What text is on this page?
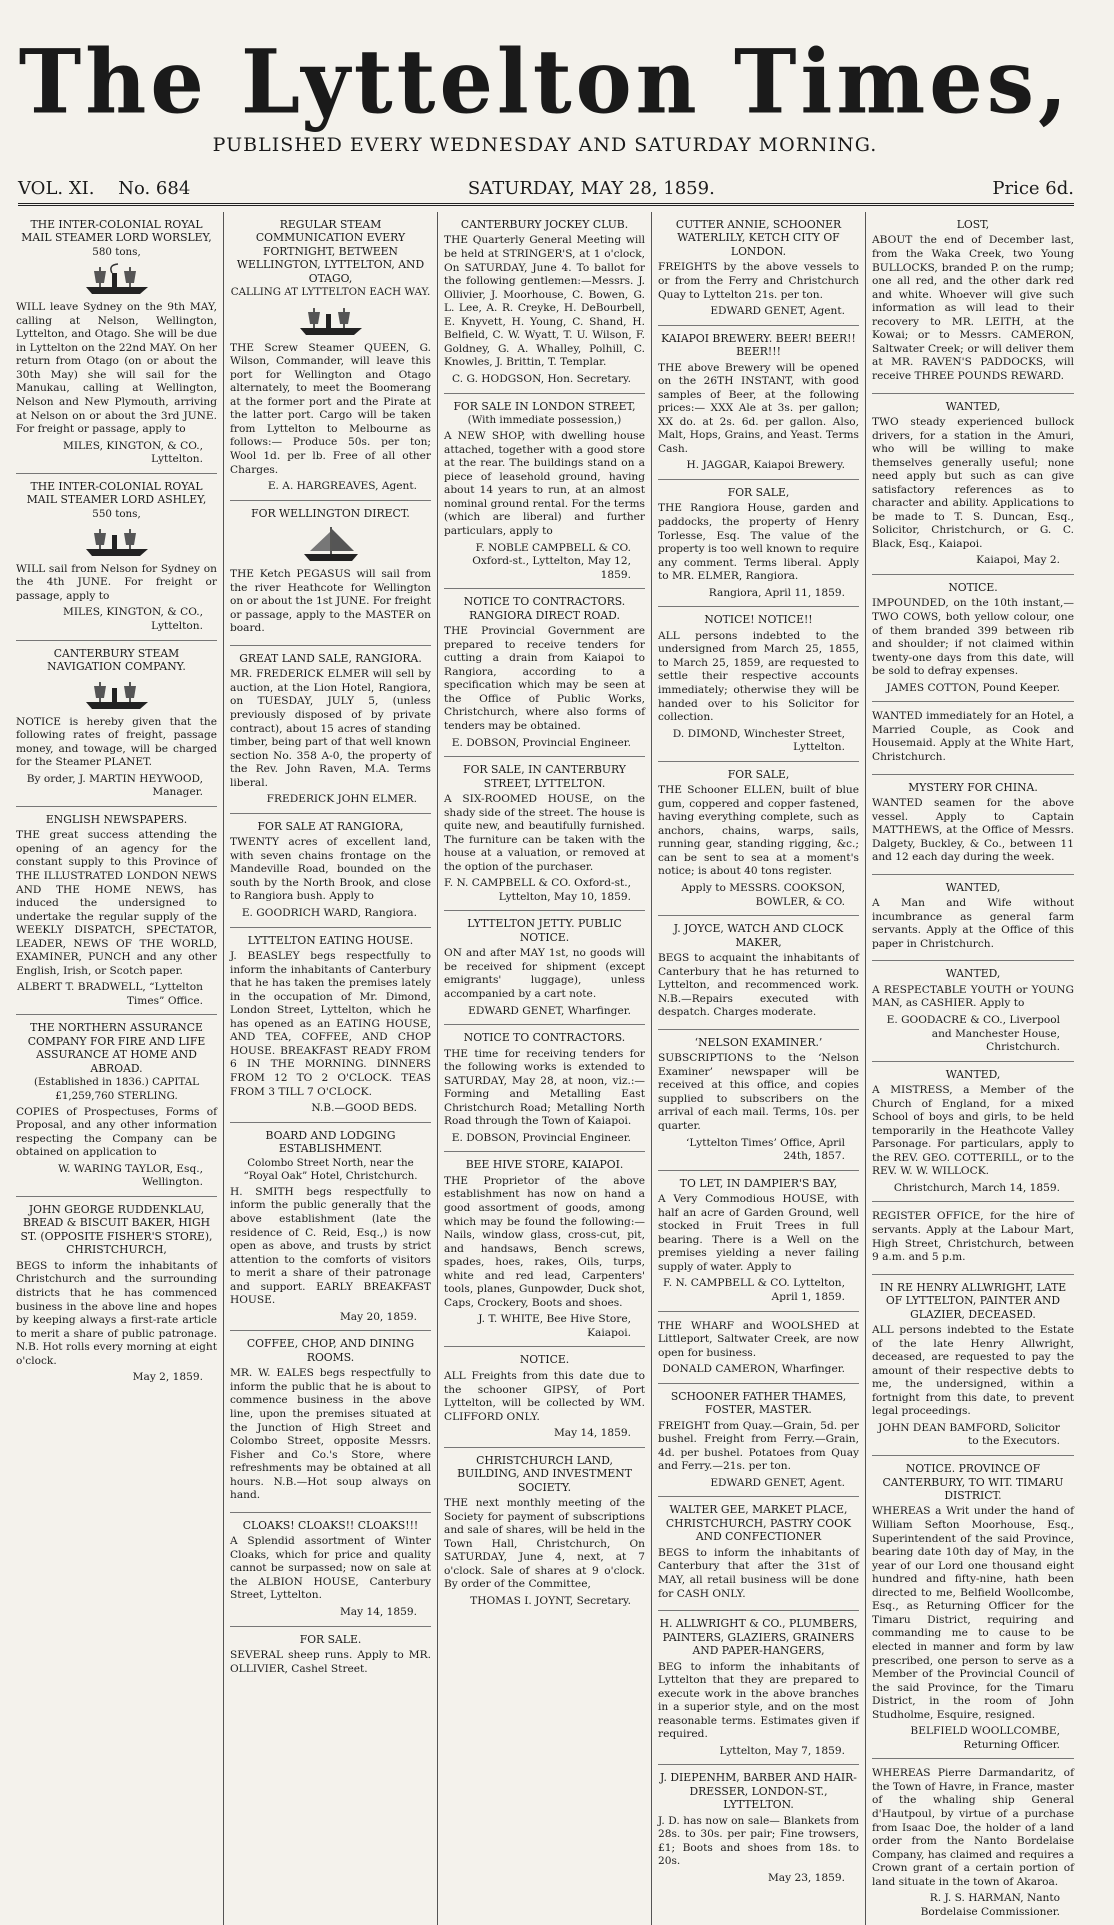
The Lyttelton Times,
PUBLISHED EVERY WEDNESDAY AND SATURDAY MORNING.
VOL. XI. No. 684	SATURDAY, MAY 28, 1859.	Price 6d.
THE INTER-COLONIAL ROYAL MAIL STEAMER LORD WORSLEY,
580 tons,
WILL leave Sydney on the 9th MAY, calling at Nelson, Wellington, Lyttelton, and Otago. She will be due in Lyttelton on the 22nd MAY. On her return from Otago (on or about the 30th May) she will sail for the Manukau, calling at Wellington, Nelson and New Plymouth, arriving at Nelson on or about the 3rd JUNE. For freight or passage, apply to
MILES, KINGTON, & CO., Lyttelton.
THE INTER-COLONIAL ROYAL MAIL STEAMER LORD ASHLEY,
550 tons,
WILL sail from Nelson for Sydney on the 4th JUNE. For freight or passage, apply to
MILES, KINGTON, & CO., Lyttelton.
CANTERBURY STEAM NAVIGATION COMPANY.
NOTICE is hereby given that the following rates of freight, passage money, and towage, will be charged for the Steamer PLANET.
By order, J. MARTIN HEYWOOD, Manager.
ENGLISH NEWSPAPERS.
THE great success attending the opening of an agency for the constant supply to this Province of THE ILLUSTRATED LONDON NEWS AND THE HOME NEWS, has induced the undersigned to undertake the regular supply of the WEEKLY DISPATCH, SPECTATOR, LEADER, NEWS OF THE WORLD, EXAMINER, PUNCH and any other English, Irish, or Scotch paper.
ALBERT T. BRADWELL, “Lyttelton Times” Office.
THE NORTHERN ASSURANCE COMPANY FOR FIRE AND LIFE ASSURANCE AT HOME AND ABROAD.
(Established in 1836.) CAPITAL £1,259,760 STERLING.
COPIES of Prospectuses, Forms of Proposal, and any other information respecting the Company can be obtained on application to
W. WARING TAYLOR, Esq., Wellington.
JOHN GEORGE RUDDENKLAU, BREAD & BISCUIT BAKER, HIGH ST. (OPPOSITE FISHER'S STORE), CHRISTCHURCH,
BEGS to inform the inhabitants of Christchurch and the surrounding districts that he has commenced business in the above line and hopes by keeping always a first-rate article to merit a share of public patronage. N.B. Hot rolls every morning at eight o'clock.
May 2, 1859.
REGULAR STEAM COMMUNICATION EVERY FORTNIGHT, BETWEEN WELLINGTON, LYTTELTON, AND OTAGO,
CALLING AT LYTTELTON EACH WAY.
THE Screw Steamer QUEEN, G. Wilson, Commander, will leave this port for Wellington and Otago alternately, to meet the Boomerang at the former port and the Pirate at the latter port. Cargo will be taken from Lyttelton to Melbourne as follows:— Produce 50s. per ton; Wool 1d. per lb. Free of all other Charges.
E. A. HARGREAVES, Agent.
FOR WELLINGTON DIRECT.
THE Ketch PEGASUS will sail from the river Heathcote for Wellington on or about the 1st JUNE. For freight or passage, apply to the MASTER on board.
GREAT LAND SALE, RANGIORA.
MR. FREDERICK ELMER will sell by auction, at the Lion Hotel, Rangiora, on TUESDAY, JULY 5, (unless previously disposed of by private contract), about 15 acres of standing timber, being part of that well known section No. 358 A-0, the property of the Rev. John Raven, M.A. Terms liberal.
FREDERICK JOHN ELMER.
FOR SALE AT RANGIORA,
TWENTY acres of excellent land, with seven chains frontage on the Mandeville Road, bounded on the south by the North Brook, and close to Rangiora bush. Apply to
E. GOODRICH WARD, Rangiora.
LYTTELTON EATING HOUSE.
J. BEASLEY begs respectfully to inform the inhabitants of Canterbury that he has taken the premises lately in the occupation of Mr. Dimond, London Street, Lyttelton, which he has opened as an EATING HOUSE, AND TEA, COFFEE, AND CHOP HOUSE. BREAKFAST READY FROM 6 IN THE MORNING. DINNERS FROM 12 TO 2 O'CLOCK. TEAS FROM 3 TILL 7 O'CLOCK.
N.B.—GOOD BEDS.
BOARD AND LODGING ESTABLISHMENT.
Colombo Street North, near the “Royal Oak” Hotel, Christchurch.
H. SMITH begs respectfully to inform the public generally that the above establishment (late the residence of C. Reid, Esq.,) is now open as above, and trusts by strict attention to the comforts of visitors to merit a share of their patronage and support. EARLY BREAKFAST HOUSE.
May 20, 1859.
COFFEE, CHOP, AND DINING ROOMS.
MR. W. EALES begs respectfully to inform the public that he is about to commence business in the above line, upon the premises situated at the Junction of High Street and Colombo Street, opposite Messrs. Fisher and Co.'s Store, where refreshments may be obtained at all hours. N.B.—Hot soup always on hand.
CLOAKS! CLOAKS!! CLOAKS!!!
A Splendid assortment of Winter Cloaks, which for price and quality cannot be surpassed; now on sale at the ALBION HOUSE, Canterbury Street, Lyttelton.
May 14, 1859.
FOR SALE.
SEVERAL sheep runs. Apply to MR. OLLIVIER, Cashel Street.
CANTERBURY JOCKEY CLUB.
THE Quarterly General Meeting will be held at STRINGER'S, at 1 o'clock, On SATURDAY, June 4. To ballot for the following gentlemen:—Messrs. J. Ollivier, J. Moorhouse, C. Bowen, G. L. Lee, A. R. Creyke, H. DeBourbell, E. Knyvett, H. Young, C. Shand, H. Belfield, C. W. Wyatt, T. U. Wilson, F. Goldney, G. A. Whalley, Polhill, C. Knowles, J. Brittin, T. Templar.
C. G. HODGSON, Hon. Secretary.
FOR SALE IN LONDON STREET,
(With immediate possession,)
A NEW SHOP, with dwelling house attached, together with a good store at the rear. The buildings stand on a piece of leasehold ground, having about 14 years to run, at an almost nominal ground rental. For the terms (which are liberal) and further particulars, apply to
F. NOBLE CAMPBELL & CO. Oxford-st., Lyttelton, May 12, 1859.
NOTICE TO CONTRACTORS. RANGIORA DIRECT ROAD.
THE Provincial Government are prepared to receive tenders for cutting a drain from Kaiapoi to Rangiora, according to a specification which may be seen at the Office of Public Works, Christchurch, where also forms of tenders may be obtained.
E. DOBSON, Provincial Engineer.
FOR SALE, IN CANTERBURY STREET, LYTTELTON.
A SIX-ROOMED HOUSE, on the shady side of the street. The house is quite new, and beautifully furnished. The furniture can be taken with the house at a valuation, or removed at the option of the purchaser.
F. N. CAMPBELL & CO. Oxford-st., Lyttelton, May 10, 1859.
LYTTELTON JETTY. PUBLIC NOTICE.
ON and after MAY 1st, no goods will be received for shipment (except emigrants' luggage), unless accompanied by a cart note.
EDWARD GENET, Wharfinger.
NOTICE TO CONTRACTORS.
THE time for receiving tenders for the following works is extended to SATURDAY, May 28, at noon, viz.:— Forming and Metalling East Christchurch Road; Metalling North Road through the Town of Kaiapoi.
E. DOBSON, Provincial Engineer.
BEE HIVE STORE, KAIAPOI.
THE Proprietor of the above establishment has now on hand a good assortment of goods, among which may be found the following:— Nails, window glass, cross-cut, pit, and handsaws, Bench screws, spades, hoes, rakes, Oils, turps, white and red lead, Carpenters' tools, planes, Gunpowder, Duck shot, Caps, Crockery, Boots and shoes.
J. T. WHITE, Bee Hive Store, Kaiapoi.
NOTICE.
ALL Freights from this date due to the schooner GIPSY, of Port Lyttelton, will be collected by WM. CLIFFORD ONLY.
May 14, 1859.
CHRISTCHURCH LAND, BUILDING, AND INVESTMENT SOCIETY.
THE next monthly meeting of the Society for payment of subscriptions and sale of shares, will be held in the Town Hall, Christchurch, On SATURDAY, June 4, next, at 7 o'clock. Sale of shares at 9 o'clock. By order of the Committee,
THOMAS I. JOYNT, Secretary.
CUTTER ANNIE, SCHOONER WATERLILY, KETCH CITY OF LONDON.
FREIGHTS by the above vessels to or from the Ferry and Christchurch Quay to Lyttelton 21s. per ton.
EDWARD GENET, Agent.
KAIAPOI BREWERY. BEER! BEER!! BEER!!!
THE above Brewery will be opened on the 26TH INSTANT, with good samples of Beer, at the following prices:— XXX Ale at 3s. per gallon; XX do. at 2s. 6d. per gallon. Also, Malt, Hops, Grains, and Yeast. Terms Cash.
H. JAGGAR, Kaiapoi Brewery.
FOR SALE,
THE Rangiora House, garden and paddocks, the property of Henry Torlesse, Esq. The value of the property is too well known to require any comment. Terms liberal. Apply to MR. ELMER, Rangiora.
Rangiora, April 11, 1859.
NOTICE! NOTICE!!
ALL persons indebted to the undersigned from March 25, 1855, to March 25, 1859, are requested to settle their respective accounts immediately; otherwise they will be handed over to his Solicitor for collection.
D. DIMOND, Winchester Street, Lyttelton.
FOR SALE,
THE Schooner ELLEN, built of blue gum, coppered and copper fastened, having everything complete, such as anchors, chains, warps, sails, running gear, standing rigging, &c.; can be sent to sea at a moment's notice; is about 40 tons register.
Apply to MESSRS. COOKSON, BOWLER, & CO.
J. JOYCE, WATCH AND CLOCK MAKER,
BEGS to acquaint the inhabitants of Canterbury that he has returned to Lyttelton, and recommenced work. N.B.—Repairs executed with despatch. Charges moderate.
‘NELSON EXAMINER.’
SUBSCRIPTIONS to the ‘Nelson Examiner’ newspaper will be received at this office, and copies supplied to subscribers on the arrival of each mail. Terms, 10s. per quarter.
‘Lyttelton Times’ Office, April 24th, 1857.
TO LET, IN DAMPIER'S BAY,
A Very Commodious HOUSE, with half an acre of Garden Ground, well stocked in Fruit Trees in full bearing. There is a Well on the premises yielding a never failing supply of water. Apply to
F. N. CAMPBELL & CO. Lyttelton, April 1, 1859.
THE WHARF and WOOLSHED at Littleport, Saltwater Creek, are now open for business.
DONALD CAMERON, Wharfinger.
SCHOONER FATHER THAMES, FOSTER, MASTER.
FREIGHT from Quay.—Grain, 5d. per bushel. Freight from Ferry.—Grain, 4d. per bushel. Potatoes from Quay and Ferry.—21s. per ton.
EDWARD GENET, Agent.
WALTER GEE, MARKET PLACE, CHRISTCHURCH, PASTRY COOK AND CONFECTIONER
BEGS to inform the inhabitants of Canterbury that after the 31st of MAY, all retail business will be done for CASH ONLY.
H. ALLWRIGHT & CO., PLUMBERS, PAINTERS, GLAZIERS, GRAINERS AND PAPER-HANGERS,
BEG to inform the inhabitants of Lyttelton that they are prepared to execute work in the above branches in a superior style, and on the most reasonable terms. Estimates given if required.
Lyttelton, May 7, 1859.
J. DIEPENHM, BARBER AND HAIR-DRESSER, LONDON-ST., LYTTELTON.
J. D. has now on sale— Blankets from 28s. to 30s. per pair; Fine trowsers, £1; Boots and shoes from 18s. to 20s.
May 23, 1859.
LOST,
ABOUT the end of December last, from the Waka Creek, two Young BULLOCKS, branded P. on the rump; one all red, and the other dark red and white. Whoever will give such information as will lead to their recovery to MR. LEITH, at the Kowai; or to Messrs. CAMERON, Saltwater Creek; or will deliver them at MR. RAVEN'S PADDOCKS, will receive THREE POUNDS REWARD.
WANTED,
TWO steady experienced bullock drivers, for a station in the Amuri, who will be willing to make themselves generally useful; none need apply but such as can give satisfactory references as to character and ability. Applications to be made to T. S. Duncan, Esq., Solicitor, Christchurch, or G. C. Black, Esq., Kaiapoi.
Kaiapoi, May 2.
NOTICE.
IMPOUNDED, on the 10th instant,— TWO COWS, both yellow colour, one of them branded 399 between rib and shoulder; if not claimed within twenty-one days from this date, will be sold to defray expenses.
JAMES COTTON, Pound Keeper.
WANTED immediately for an Hotel, a Married Couple, as Cook and Housemaid. Apply at the White Hart, Christchurch.
MYSTERY FOR CHINA.
WANTED seamen for the above vessel. Apply to Captain MATTHEWS, at the Office of Messrs. Dalgety, Buckley, & Co., between 11 and 12 each day during the week.
WANTED,
A Man and Wife without incumbrance as general farm servants. Apply at the Office of this paper in Christchurch.
WANTED,
A RESPECTABLE YOUTH or YOUNG MAN, as CASHIER. Apply to
E. GOODACRE & CO., Liverpool and Manchester House, Christchurch.
WANTED,
A MISTRESS, a Member of the Church of England, for a mixed School of boys and girls, to be held temporarily in the Heathcote Valley Parsonage. For particulars, apply to the REV. GEO. COTTERILL, or to the REV. W. W. WILLOCK.
Christchurch, March 14, 1859.
REGISTER OFFICE, for the hire of servants. Apply at the Labour Mart, High Street, Christchurch, between 9 a.m. and 5 p.m.
IN RE HENRY ALLWRIGHT, LATE OF LYTTELTON, PAINTER AND GLAZIER, DECEASED.
ALL persons indebted to the Estate of the late Henry Allwright, deceased, are requested to pay the amount of their respective debts to me, the undersigned, within a fortnight from this date, to prevent legal proceedings.
JOHN DEAN BAMFORD, Solicitor to the Executors.
NOTICE. PROVINCE OF CANTERBURY, TO WIT. TIMARU DISTRICT.
WHEREAS a Writ under the hand of William Sefton Moorhouse, Esq., Superintendent of the said Province, bearing date 10th day of May, in the year of our Lord one thousand eight hundred and fifty-nine, hath been directed to me, Belfield Woollcombe, Esq., as Returning Officer for the Timaru District, requiring and commanding me to cause to be elected in manner and form by law prescribed, one person to serve as a Member of the Provincial Council of the said Province, for the Timaru District, in the room of John Studholme, Esquire, resigned.
BELFIELD WOOLLCOMBE, Returning Officer.
WHEREAS Pierre Darmandaritz, of the Town of Havre, in France, master of the whaling ship General d'Hautpoul, by virtue of a purchase from Isaac Doe, the holder of a land order from the Nanto Bordelaise Company, has claimed and requires a Crown grant of a certain portion of land situate in the town of Akaroa.
R. J. S. HARMAN, Nanto Bordelaise Commissioner.
